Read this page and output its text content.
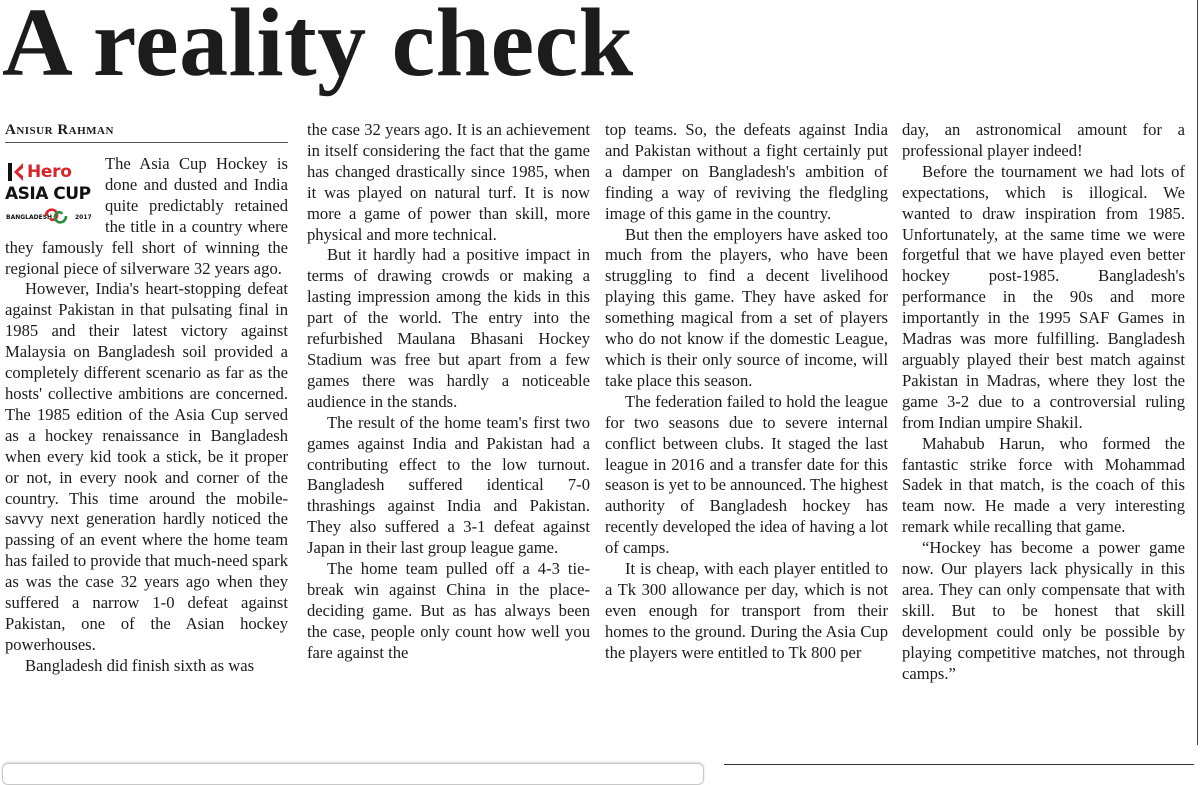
A reality check
Anisur Rahman
Hero
ASIA CUP
BANGLADESH	2017

The Asia Cup Hockey is done and dusted and India quite predictably retained the title in a country where they famously fell short of winning the regional piece of silverware 32 years ago.

However, India's heart-stopping defeat against Pakistan in that pulsating final in 1985 and their latest victory against Malaysia on Bangladesh soil provided a completely different scenario as far as the hosts' collective ambitions are concerned. The 1985 edition of the Asia Cup served as a hockey renaissance in Bangladesh when every kid took a stick, be it proper or not, in every nook and corner of the country. This time around the mobile-savvy next generation hardly noticed the passing of an event where the home team has failed to provide that much-need spark as was the case 32 years ago when they suffered a narrow 1-0 defeat against Pakistan, one of the Asian hockey powerhouses.

Bangladesh did finish sixth as was

the case 32 years ago. It is an achievement in itself considering the fact that the game has changed drastically since 1985, when it was played on natural turf. It is now more a game of power than skill, more physical and more technical.

But it hardly had a positive impact in terms of drawing crowds or making a lasting impression among the kids in this part of the world. The entry into the refurbished Maulana Bhasani Hockey Stadium was free but apart from a few games there was hardly a noticeable audience in the stands.

The result of the home team's first two games against India and Pakistan had a contributing effect to the low turnout. Bangladesh suffered identical 7-0 thrashings against India and Pakistan. They also suffered a 3-1 defeat against Japan in their last group league game.

The home team pulled off a 4-3 tie-break win against China in the place-deciding game. But as has always been the case, people only count how well you fare against the

top teams. So, the defeats against India and Pakistan without a fight certainly put a damper on Bangladesh's ambition of finding a way of reviving the fledgling image of this game in the country.

But then the employers have asked too much from the players, who have been struggling to find a decent livelihood playing this game. They have asked for something magical from a set of players who do not know if the domestic League, which is their only source of income, will take place this season.

The federation failed to hold the league for two seasons due to severe internal conflict between clubs. It staged the last league in 2016 and a transfer date for this season is yet to be announced. The highest authority of Bangladesh hockey has recently developed the idea of having a lot of camps.

It is cheap, with each player entitled to a Tk 300 allowance per day, which is not even enough for transport from their homes to the ground. During the Asia Cup the players were entitled to Tk 800 per

day, an astronomical amount for a professional player indeed!

Before the tournament we had lots of expectations, which is illogical. We wanted to draw inspiration from 1985. Unfortunately, at the same time we were forgetful that we have played even better hockey post-1985. Bangladesh's performance in the 90s and more importantly in the 1995 SAF Games in Madras was more fulfilling. Bangladesh arguably played their best match against Pakistan in Madras, where they lost the game 3-2 due to a controversial ruling from Indian umpire Shakil.

Mahabub Harun, who formed the fantastic strike force with Mohammad Sadek in that match, is the coach of this team now. He made a very interesting remark while recalling that game.

“Hockey has become a power game now. Our players lack physically in this area. They can only compensate that with skill. But to be honest that skill development could only be possible by playing competitive matches, not through camps.”
